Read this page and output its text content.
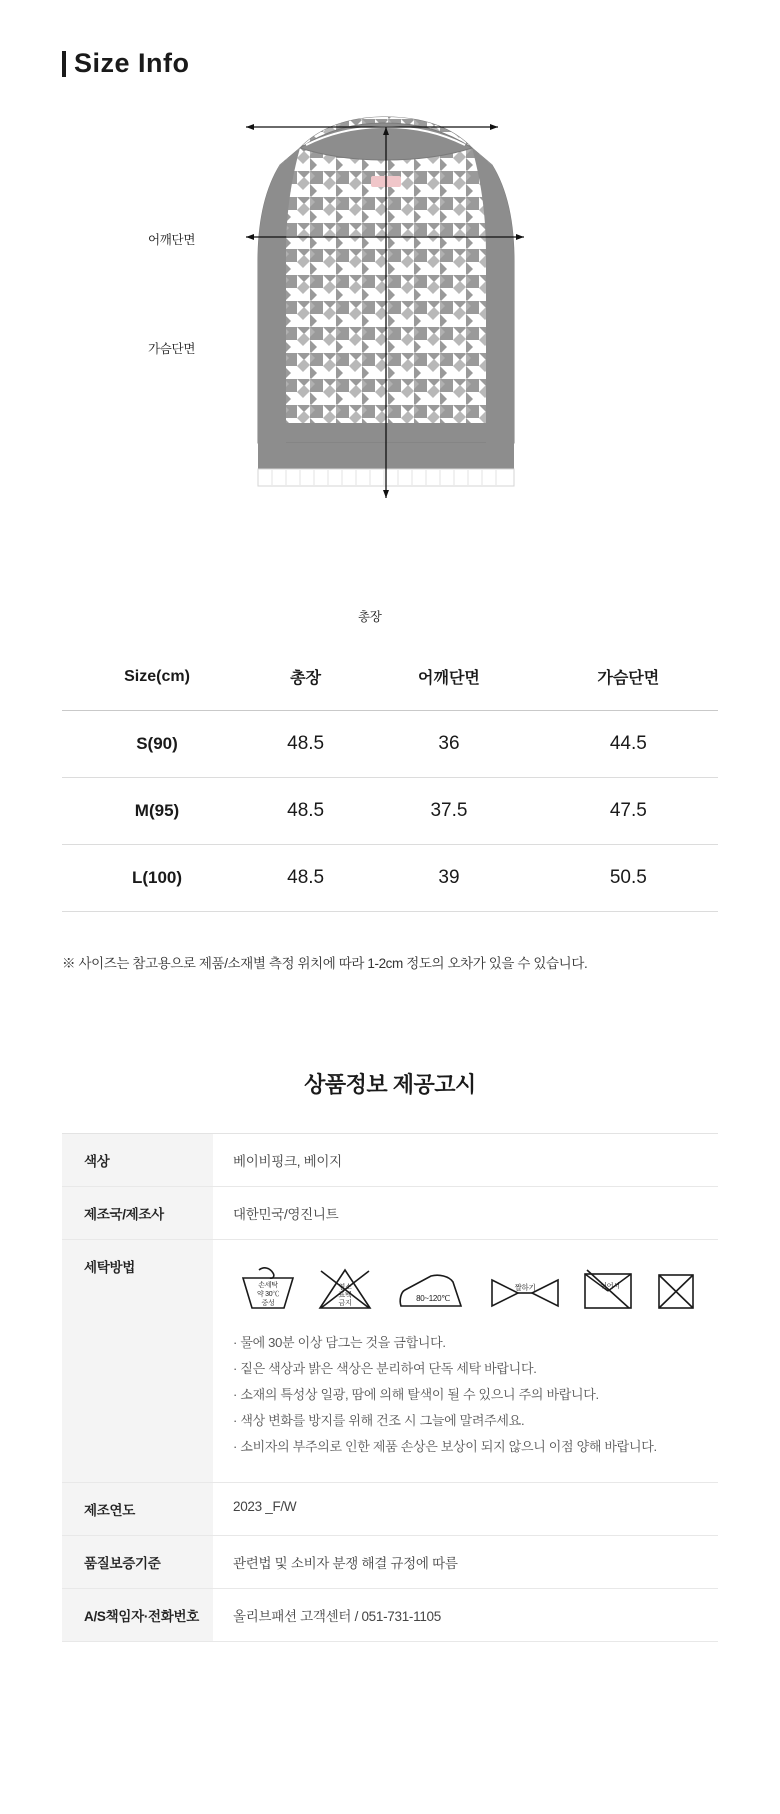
Size Info
어깨단면
가슴단면
총장
Size(cm)	총장	어깨단면	가슴단면
S(90)	48.5	36	44.5
M(95)	48.5	37.5	47.5
L(100)	48.5	39	50.5
※ 사이즈는 참고용으로 제품/소재별 측정 위치에 따라 1-2cm 정도의 오차가 있을 수 있습니다.
상품정보 제공고시
색상	베이비핑크, 베이지
제조국/제조사	대한민국/영진니트
세탁방법	
손세탁
약 30℃
중성
염소
표백
금지
80~120℃
짤하기	뉘어서
· 물에 30분 이상 담그는 것을 금합니다.
· 짙은 색상과 밝은 색상은 분리하여 단독 세탁 바랍니다.
· 소재의 특성상 일광, 땀에 의해 탈색이 될 수 있으니 주의 바랍니다.
· 색상 변화를 방지를 위해 건조 시 그늘에 말려주세요.
· 소비자의 부주의로 인한 제품 손상은 보상이 되지 않으니 이점 양해 바랍니다.

제조연도	2023 _F/W
품질보증기준	관련법 및 소비자 분쟁 해결 규정에 따름
A/S책임자·전화번호	올리브패션 고객센터 / 051-731-1105
